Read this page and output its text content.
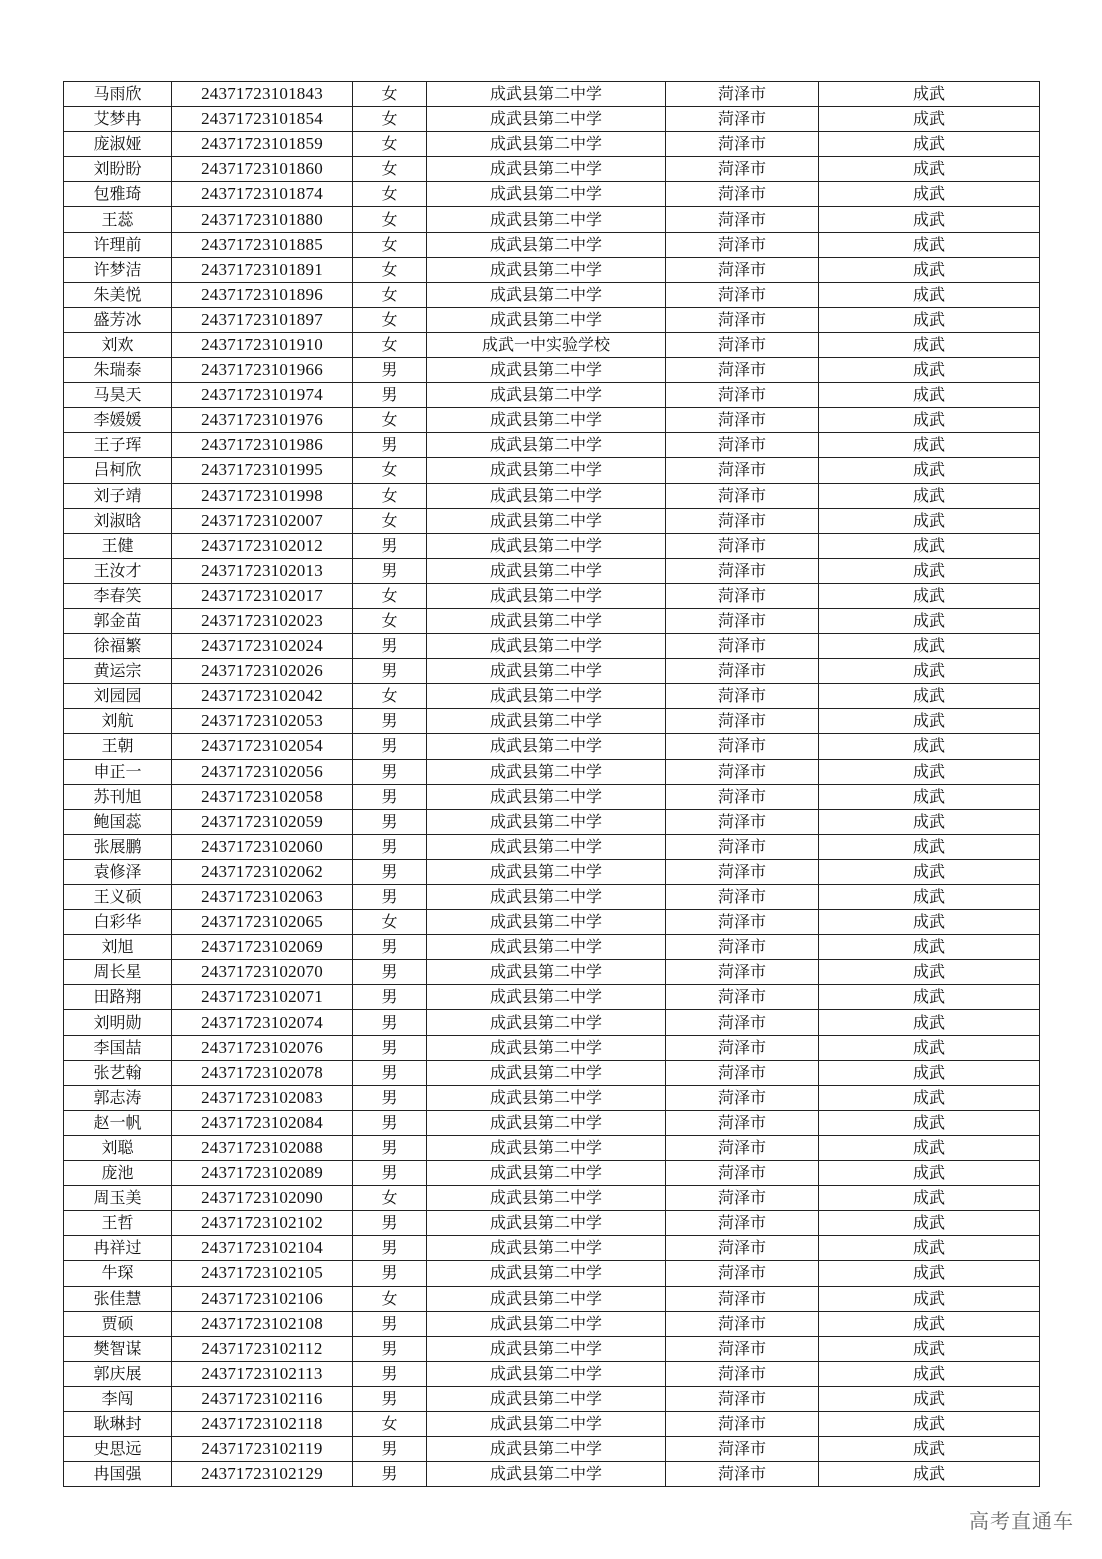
马雨欣	24371723101843	女	成武县第二中学	菏泽市	成武
艾梦冉	24371723101854	女	成武县第二中学	菏泽市	成武
庞淑娅	24371723101859	女	成武县第二中学	菏泽市	成武
刘盼盼	24371723101860	女	成武县第二中学	菏泽市	成武
包雅琦	24371723101874	女	成武县第二中学	菏泽市	成武
王蕊	24371723101880	女	成武县第二中学	菏泽市	成武
许理前	24371723101885	女	成武县第二中学	菏泽市	成武
许梦洁	24371723101891	女	成武县第二中学	菏泽市	成武
朱美悦	24371723101896	女	成武县第二中学	菏泽市	成武
盛芳冰	24371723101897	女	成武县第二中学	菏泽市	成武
刘欢	24371723101910	女	成武一中实验学校	菏泽市	成武
朱瑞泰	24371723101966	男	成武县第二中学	菏泽市	成武
马昊天	24371723101974	男	成武县第二中学	菏泽市	成武
李媛媛	24371723101976	女	成武县第二中学	菏泽市	成武
王子珲	24371723101986	男	成武县第二中学	菏泽市	成武
吕柯欣	24371723101995	女	成武县第二中学	菏泽市	成武
刘子靖	24371723101998	女	成武县第二中学	菏泽市	成武
刘淑晗	24371723102007	女	成武县第二中学	菏泽市	成武
王健	24371723102012	男	成武县第二中学	菏泽市	成武
王汝才	24371723102013	男	成武县第二中学	菏泽市	成武
李春笑	24371723102017	女	成武县第二中学	菏泽市	成武
郭金苗	24371723102023	女	成武县第二中学	菏泽市	成武
徐福繁	24371723102024	男	成武县第二中学	菏泽市	成武
黄运宗	24371723102026	男	成武县第二中学	菏泽市	成武
刘园园	24371723102042	女	成武县第二中学	菏泽市	成武
刘航	24371723102053	男	成武县第二中学	菏泽市	成武
王朝	24371723102054	男	成武县第二中学	菏泽市	成武
申正一	24371723102056	男	成武县第二中学	菏泽市	成武
苏刊旭	24371723102058	男	成武县第二中学	菏泽市	成武
鲍国蕊	24371723102059	男	成武县第二中学	菏泽市	成武
张展鹏	24371723102060	男	成武县第二中学	菏泽市	成武
袁修泽	24371723102062	男	成武县第二中学	菏泽市	成武
王义硕	24371723102063	男	成武县第二中学	菏泽市	成武
白彩华	24371723102065	女	成武县第二中学	菏泽市	成武
刘旭	24371723102069	男	成武县第二中学	菏泽市	成武
周长星	24371723102070	男	成武县第二中学	菏泽市	成武
田路翔	24371723102071	男	成武县第二中学	菏泽市	成武
刘明勋	24371723102074	男	成武县第二中学	菏泽市	成武
李国喆	24371723102076	男	成武县第二中学	菏泽市	成武
张艺翰	24371723102078	男	成武县第二中学	菏泽市	成武
郭志涛	24371723102083	男	成武县第二中学	菏泽市	成武
赵一帆	24371723102084	男	成武县第二中学	菏泽市	成武
刘聪	24371723102088	男	成武县第二中学	菏泽市	成武
庞池	24371723102089	男	成武县第二中学	菏泽市	成武
周玉美	24371723102090	女	成武县第二中学	菏泽市	成武
王哲	24371723102102	男	成武县第二中学	菏泽市	成武
冉祥过	24371723102104	男	成武县第二中学	菏泽市	成武
牛琛	24371723102105	男	成武县第二中学	菏泽市	成武
张佳慧	24371723102106	女	成武县第二中学	菏泽市	成武
贾硕	24371723102108	男	成武县第二中学	菏泽市	成武
樊智谋	24371723102112	男	成武县第二中学	菏泽市	成武
郭庆展	24371723102113	男	成武县第二中学	菏泽市	成武
李闯	24371723102116	男	成武县第二中学	菏泽市	成武
耿琳封	24371723102118	女	成武县第二中学	菏泽市	成武
史思远	24371723102119	男	成武县第二中学	菏泽市	成武
冉国强	24371723102129	男	成武县第二中学	菏泽市	成武
高考直通车
